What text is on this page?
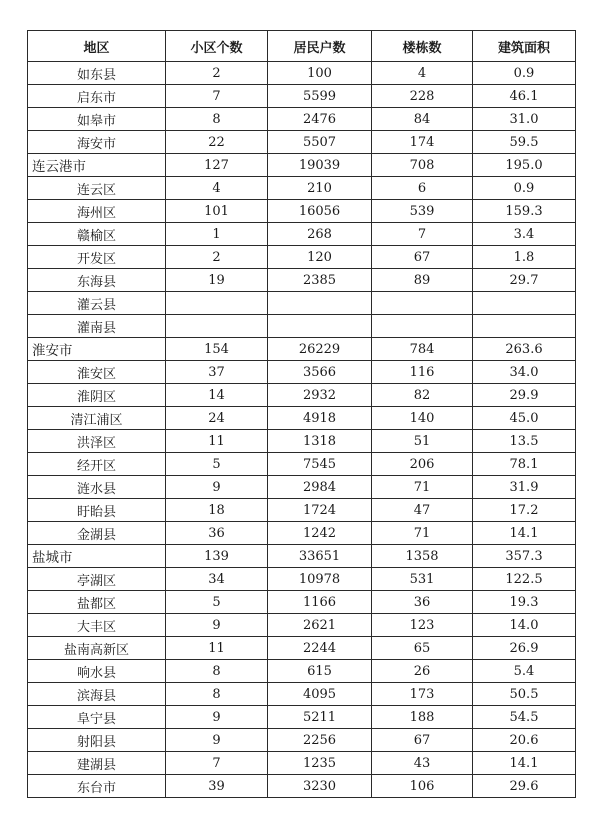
地区	小区个数	居民户数	楼栋数	建筑面积
如东县	2	100	4	0.9
启东市	7	5599	228	46.1
如皋市	8	2476	84	31.0
海安市	22	5507	174	59.5
连云港市	127	19039	708	195.0
连云区	4	210	6	0.9
海州区	101	16056	539	159.3
赣榆区	1	268	7	3.4
开发区	2	120	67	1.8
东海县	19	2385	89	29.7
灌云县				
灌南县				
淮安市	154	26229	784	263.6
淮安区	37	3566	116	34.0
淮阴区	14	2932	82	29.9
清江浦区	24	4918	140	45.0
洪泽区	11	1318	51	13.5
经开区	5	7545	206	78.1
涟水县	9	2984	71	31.9
盱眙县	18	1724	47	17.2
金湖县	36	1242	71	14.1
盐城市	139	33651	1358	357.3
亭湖区	34	10978	531	122.5
盐都区	5	1166	36	19.3
大丰区	9	2621	123	14.0
盐南高新区	11	2244	65	26.9
响水县	8	615	26	5.4
滨海县	8	4095	173	50.5
阜宁县	9	5211	188	54.5
射阳县	9	2256	67	20.6
建湖县	7	1235	43	14.1
东台市	39	3230	106	29.6
